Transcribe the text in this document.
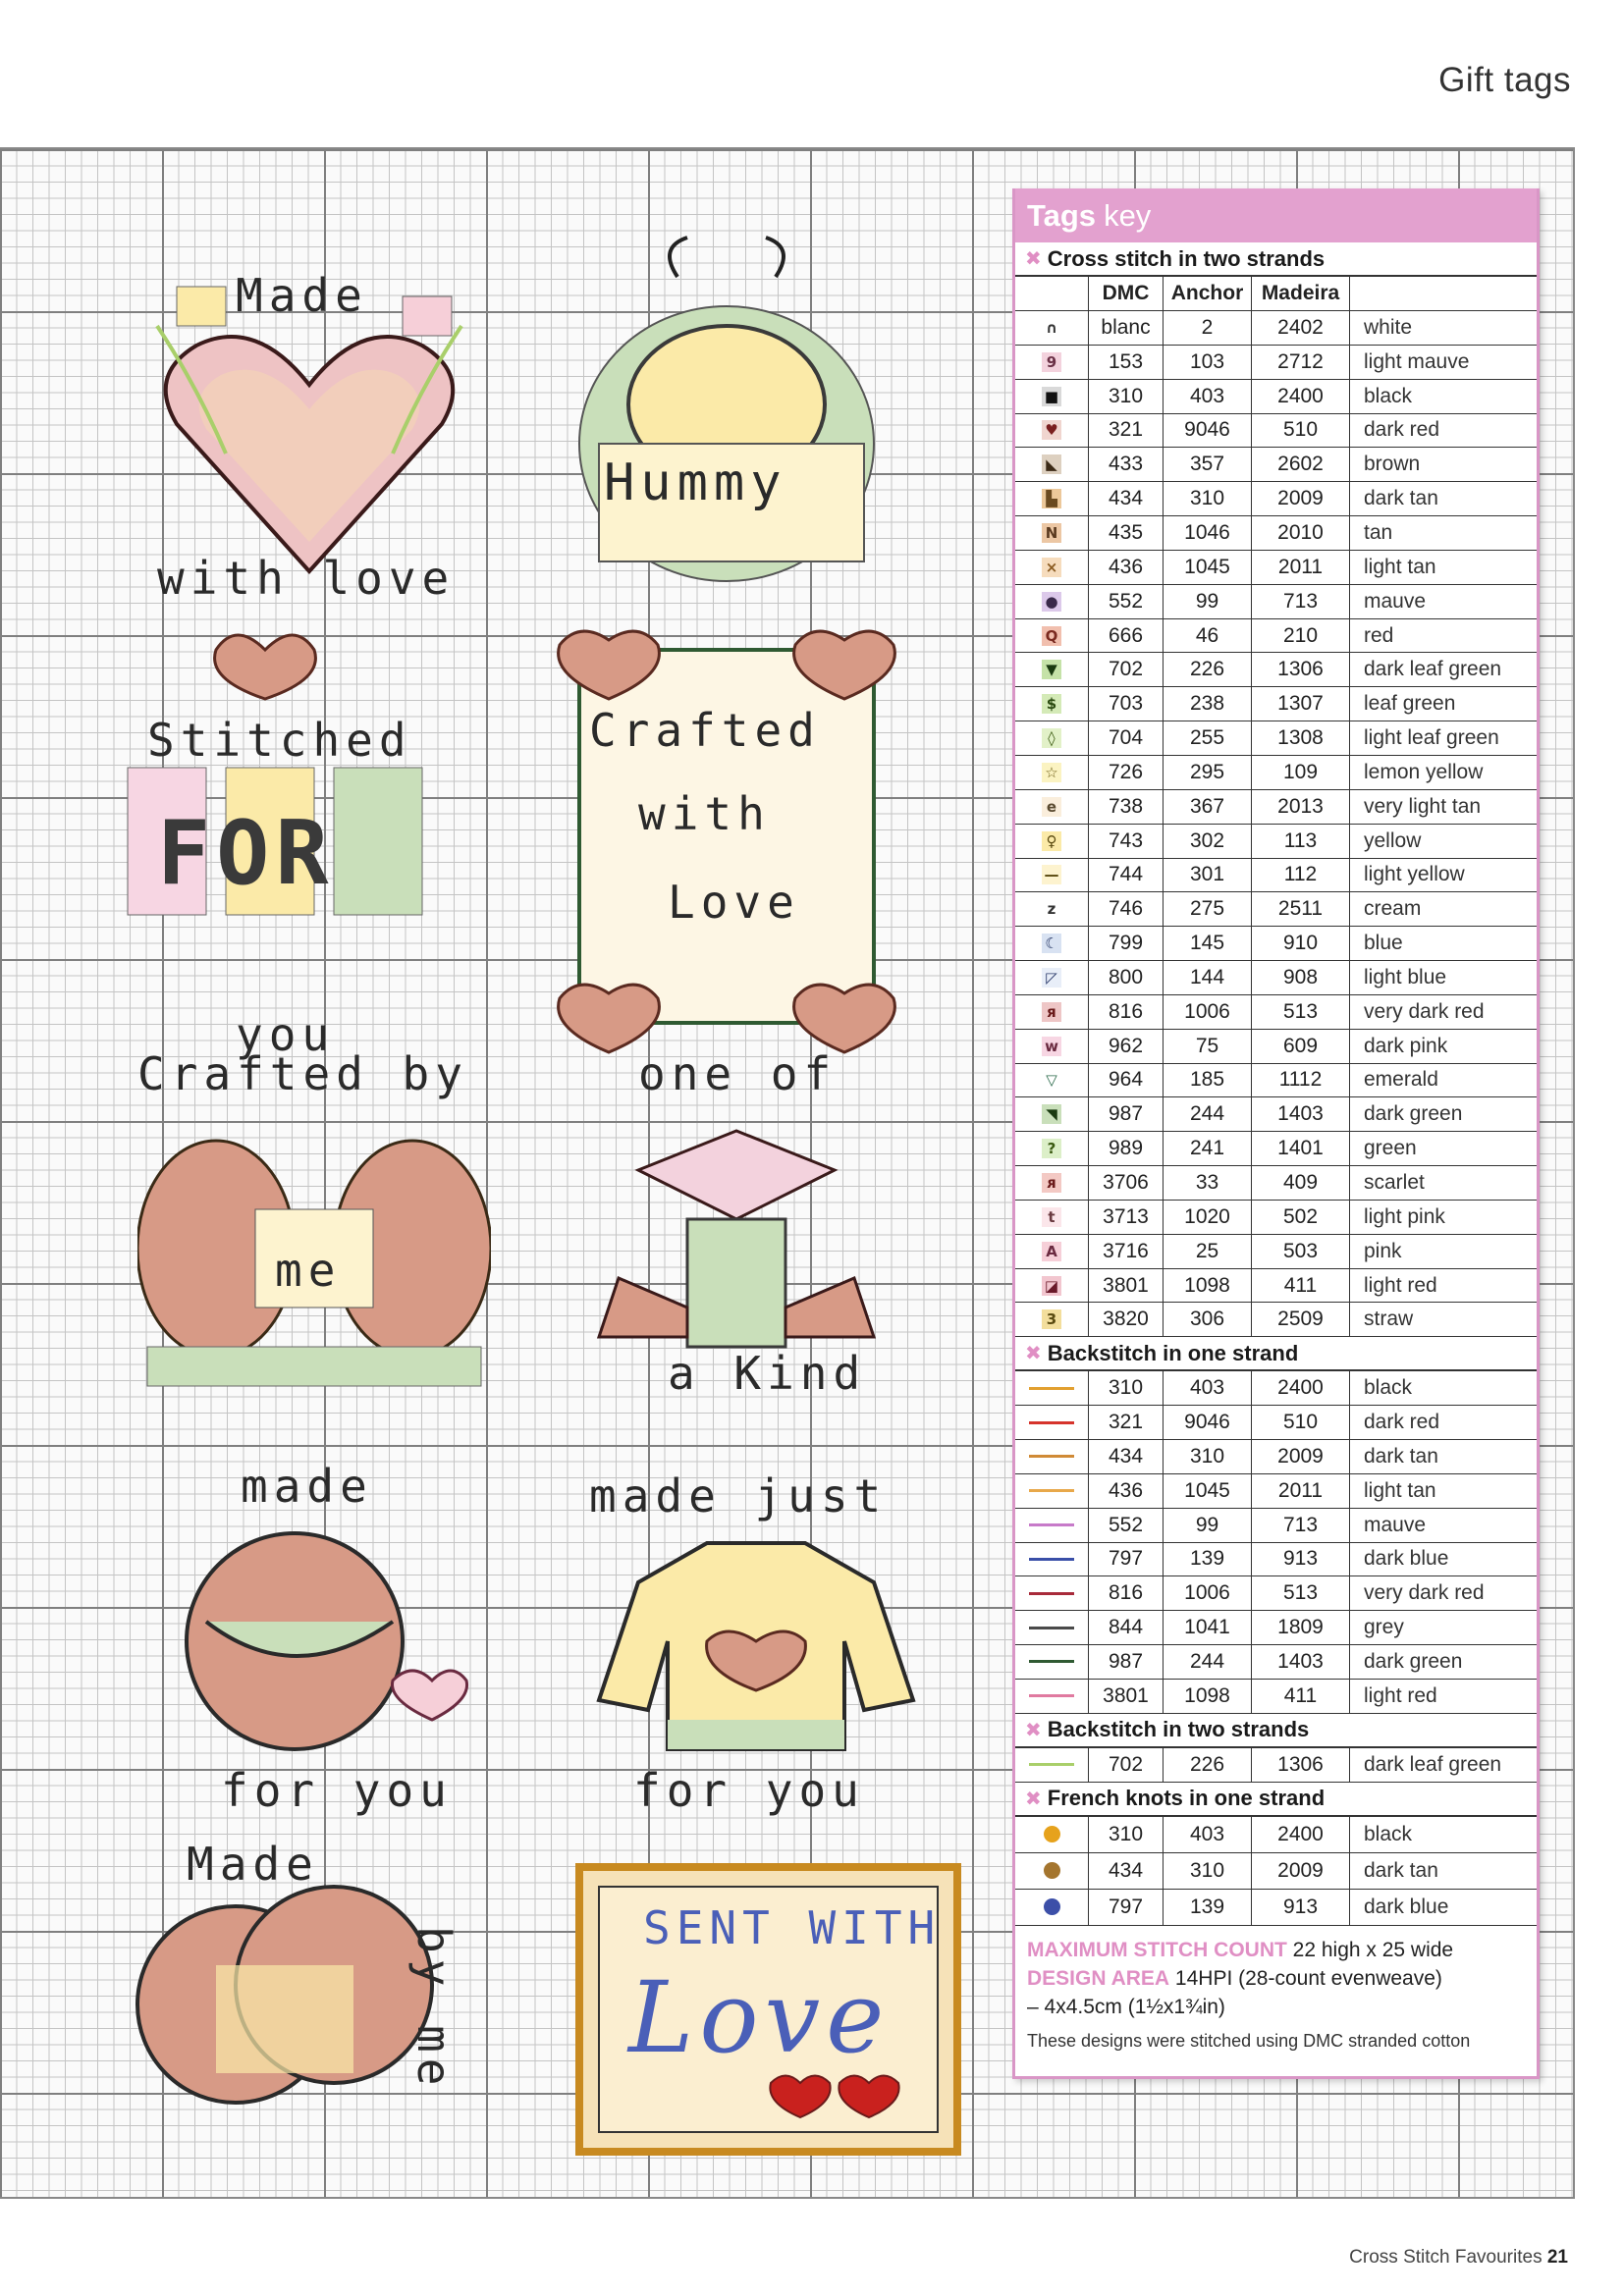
Gift tags
Made
with love
Hummy
Stitched
FOR
you
Crafted
with
Love
Crafted by
me
one of
a Kind
made
for you
made just
for you
Made
by me	SENT WITH
Love
Tags key
✖ Cross stitch in two strands
DMC	Anchor Madeira
∩	blanc	2	2402	white
9	153	103	2712	light mauve
■	310	403	2400	black
♥	321	9046	510	dark red
◣	433	357	2602	brown
▙	434	310	2009	dark tan
N	435	1046	2010	tan
×	436	1045	2011	light tan
●	552	99	713	mauve
Q	666	46	210	red
▼	702	226	1306	dark leaf green
$	703	238	1307	leaf green
◊	704	255	1308	light leaf green
☆	726	295	109	lemon yellow
e	738	367	2013	very light tan
♀	743	302	113	yellow
—	744	301	112	light yellow
z	746	275	2511	cream
☾	799	145	910	blue
◸	800	144	908	light blue
я	816	1006	513	very dark red
w	962	75	609	dark pink
▽	964	185	1112	emerald
◥	987	244	1403	dark green
?	989	241	1401	green
ᴙ	3706	33	409	scarlet
t	3713	1020	502	light pink
A	3716	25	503	pink
◪	3801	1098	411	light red
3	3820	306	2509	straw
✖ Backstitch in one strand
310	403	2400	black
321	9046	510	dark red
434	310	2009	dark tan
436	1045	2011	light tan
552	99	713	mauve
797	139	913	dark blue
816	1006	513	very dark red
844	1041	1809	grey
987	244	1403	dark green
3801	1098	411	light red
✖ Backstitch in two strands
702	226	1306	dark leaf green
✖ French knots in one strand
310	403	2400	black
434	310	2009	dark tan
797	139	913	dark blue
MAXIMUM STITCH COUNT 22 high x 25 wide
DESIGN AREA 14HPI (28-count evenweave)
– 4x4.5cm (1½x1¾in)
These designs were stitched using DMC stranded cotton
Cross Stitch Favourites 21
